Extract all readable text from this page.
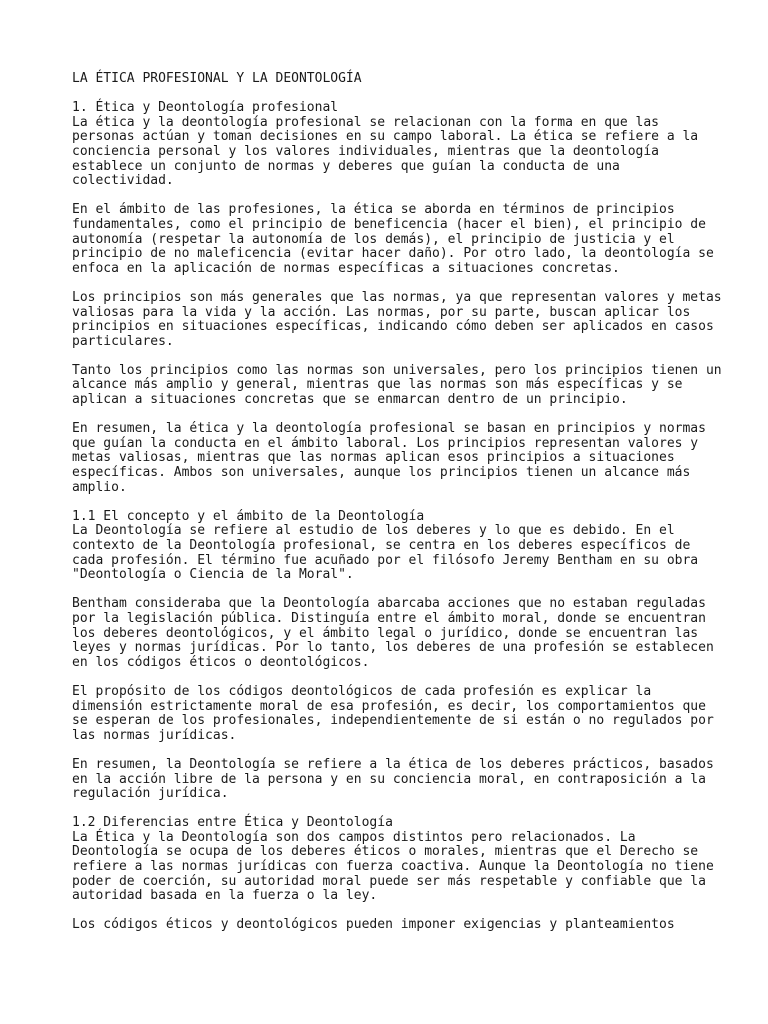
LA ÉTICA PROFESIONAL Y LA DEONTOLOGÍA
1. Ética y Deontología profesional
La ética y la deontología profesional se relacionan con la forma en que las
personas actúan y toman decisiones en su campo laboral. La ética se refiere a la
conciencia personal y los valores individuales, mientras que la deontología
establece un conjunto de normas y deberes que guían la conducta de una
colectividad.
En el ámbito de las profesiones, la ética se aborda en términos de principios
fundamentales, como el principio de beneficencia (hacer el bien), el principio de
autonomía (respetar la autonomía de los demás), el principio de justicia y el
principio de no maleficencia (evitar hacer daño). Por otro lado, la deontología se
enfoca en la aplicación de normas específicas a situaciones concretas.
Los principios son más generales que las normas, ya que representan valores y metas
valiosas para la vida y la acción. Las normas, por su parte, buscan aplicar los
principios en situaciones específicas, indicando cómo deben ser aplicados en casos
particulares.
Tanto los principios como las normas son universales, pero los principios tienen un
alcance más amplio y general, mientras que las normas son más específicas y se
aplican a situaciones concretas que se enmarcan dentro de un principio.
En resumen, la ética y la deontología profesional se basan en principios y normas
que guían la conducta en el ámbito laboral. Los principios representan valores y
metas valiosas, mientras que las normas aplican esos principios a situaciones
específicas. Ambos son universales, aunque los principios tienen un alcance más
amplio.
1.1 El concepto y el ámbito de la Deontología
La Deontología se refiere al estudio de los deberes y lo que es debido. En el
contexto de la Deontología profesional, se centra en los deberes específicos de
cada profesión. El término fue acuñado por el filósofo Jeremy Bentham en su obra
"Deontología o Ciencia de la Moral".
Bentham consideraba que la Deontología abarcaba acciones que no estaban reguladas
por la legislación pública. Distinguía entre el ámbito moral, donde se encuentran
los deberes deontológicos, y el ámbito legal o jurídico, donde se encuentran las
leyes y normas jurídicas. Por lo tanto, los deberes de una profesión se establecen
en los códigos éticos o deontológicos.
El propósito de los códigos deontológicos de cada profesión es explicar la
dimensión estrictamente moral de esa profesión, es decir, los comportamientos que
se esperan de los profesionales, independientemente de si están o no regulados por
las normas jurídicas.
En resumen, la Deontología se refiere a la ética de los deberes prácticos, basados
en la acción libre de la persona y en su conciencia moral, en contraposición a la
regulación jurídica.
1.2 Diferencias entre Ética y Deontología
La Ética y la Deontología son dos campos distintos pero relacionados. La
Deontología se ocupa de los deberes éticos o morales, mientras que el Derecho se
refiere a las normas jurídicas con fuerza coactiva. Aunque la Deontología no tiene
poder de coerción, su autoridad moral puede ser más respetable y confiable que la
autoridad basada en la fuerza o la ley.
Los códigos éticos y deontológicos pueden imponer exigencias y planteamientos
